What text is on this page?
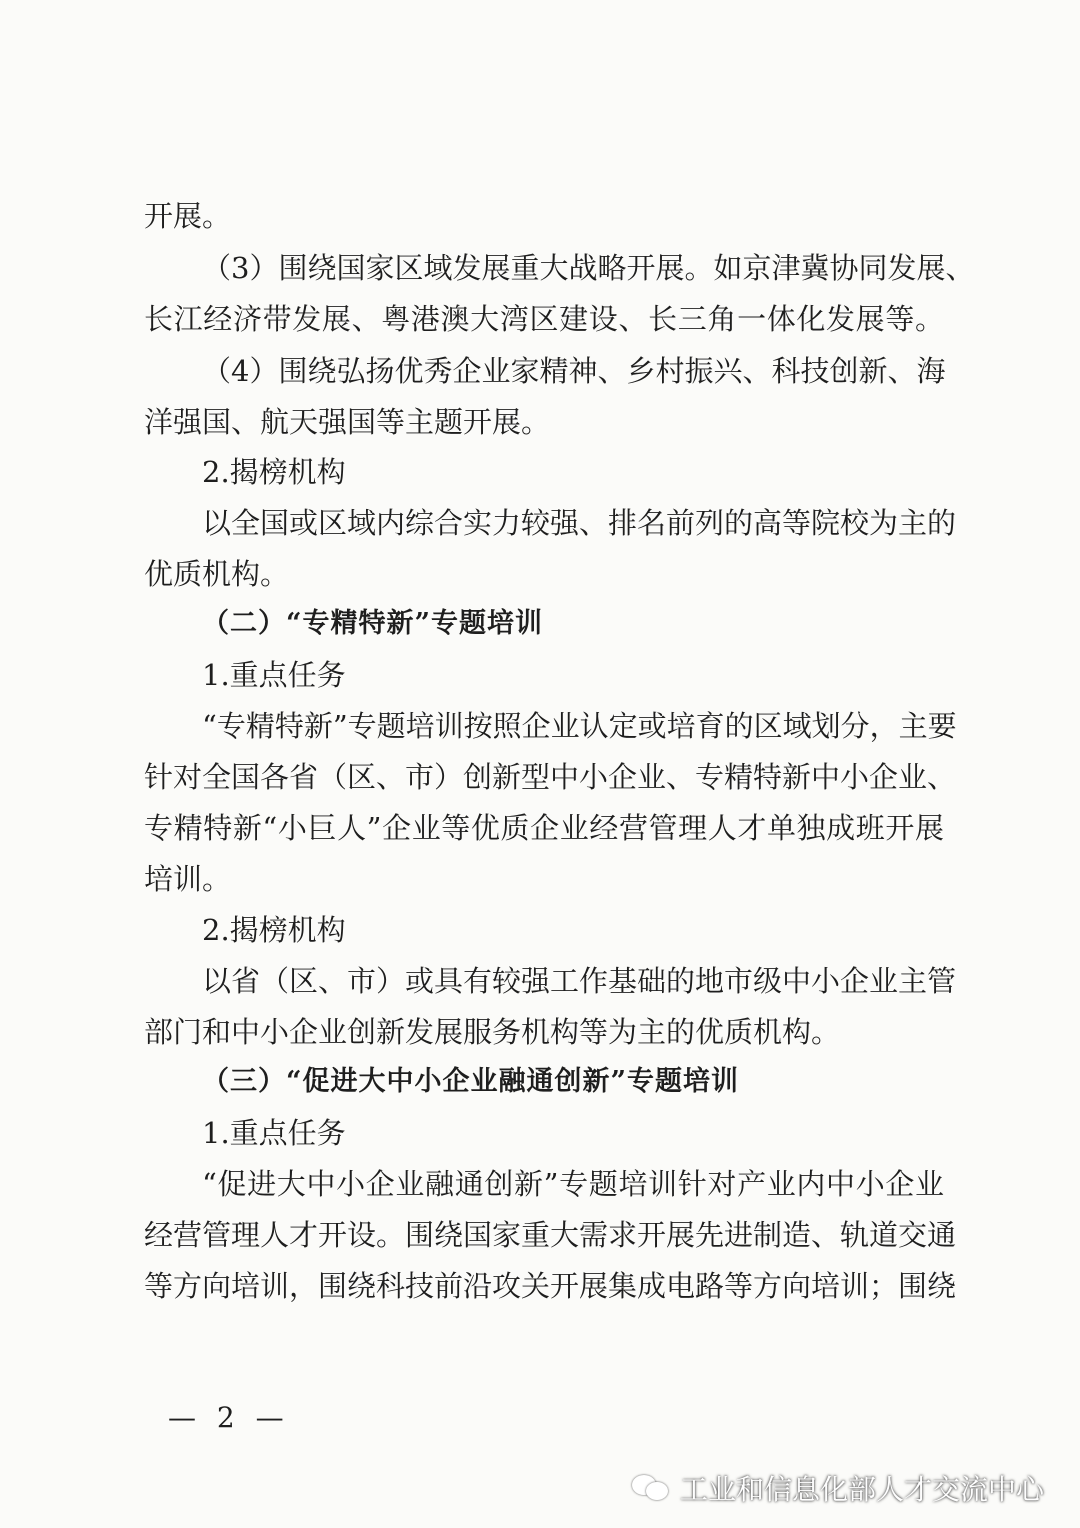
开展。
（3）围绕国家区域发展重大战略开展。如京津冀协同发展、
长江经济带发展、粤港澳大湾区建设、长三角一体化发展等。
（4）围绕弘扬优秀企业家精神、乡村振兴、科技创新、海
洋强国、航天强国等主题开展。
2.揭榜机构
以全国或区域内综合实力较强、排名前列的高等院校为主的
优质机构。
（二）“专精特新”专题培训
1.重点任务
“专精特新”专题培训按照企业认定或培育的区域划分，主要
针对全国各省（区、市）创新型中小企业、专精特新中小企业、
专精特新“小巨人”企业等优质企业经营管理人才单独成班开展
培训。
2.揭榜机构
以省（区、市）或具有较强工作基础的地市级中小企业主管
部门和中小企业创新发展服务机构等为主的优质机构。
（三）“促进大中小企业融通创新”专题培训
1.重点任务
“促进大中小企业融通创新”专题培训针对产业内中小企业
经营管理人才开设。围绕国家重大需求开展先进制造、轨道交通
等方向培训，围绕科技前沿攻关开展集成电路等方向培训；围绕
— 2 —
工业和信息化部人才交流中心
